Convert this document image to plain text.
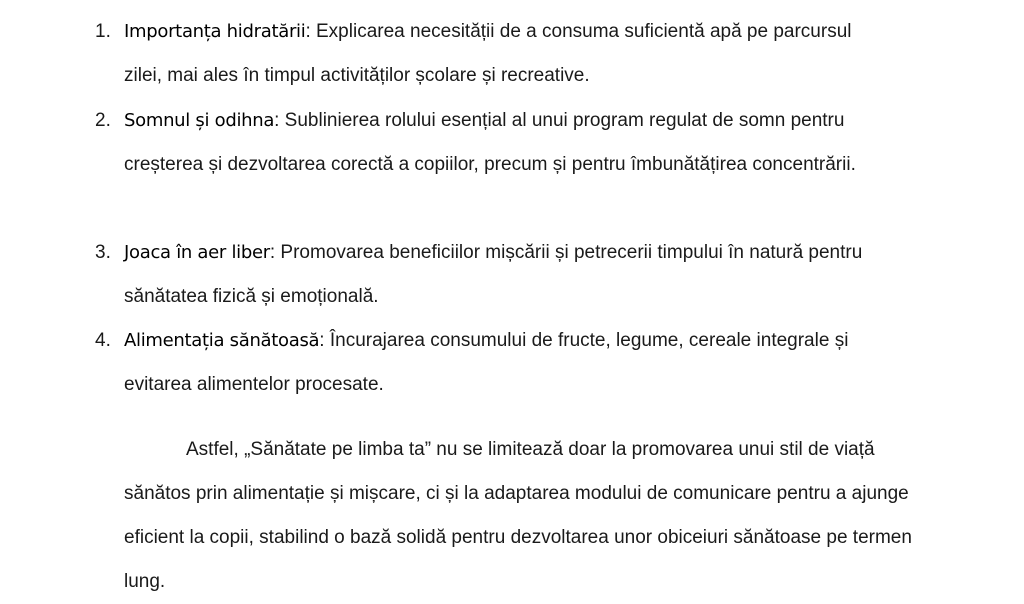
1. Importanța hidratării: Explicarea necesității de a consuma suficientă apă pe parcursul zilei, mai ales în timpul activităților școlare și recreative.
2. Somnul și odihna: Sublinierea rolului esențial al unui program regulat de somn pentru creșterea și dezvoltarea corectă a copiilor, precum și pentru îmbunătățirea concentrării.
3. Joaca în aer liber: Promovarea beneficiilor mișcării și petrecerii timpului în natură pentru sănătatea fizică și emoțională.
4. Alimentația sănătoasă: Încurajarea consumului de fructe, legume, cereale integrale și evitarea alimentelor procesate.

Astfel, „Sănătate pe limba ta” nu se limitează doar la promovarea unui stil de viață sănătos prin alimentație și mișcare, ci și la adaptarea modului de comunicare pentru a ajunge eficient la copii, stabilind o bază solidă pentru dezvoltarea unor obiceiuri sănătoase pe termen lung.
